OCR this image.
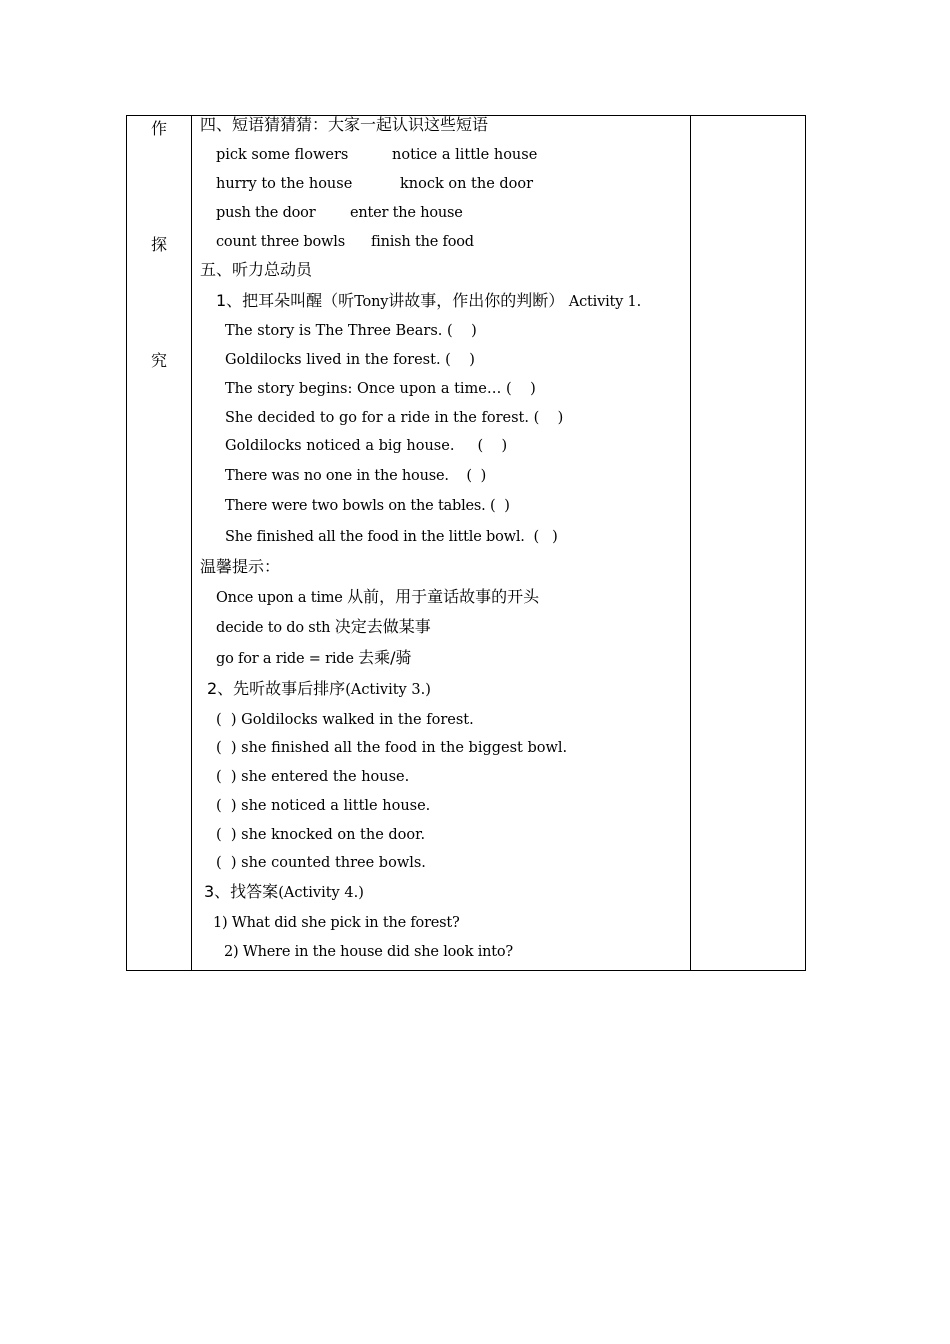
作
探
究
四、短语猜猜猜：大家一起认识这些短语
pick some flowers	notice a little house
hurry to the house	knock on the door
push the door enter the house
count three bowls finish the food
五、听力总动员
1、把耳朵叫醒（听Tony讲故事，作出你的判断） Activity 1.
The story is The Three Bears. (    )
Goldilocks lived in the forest. (    )
The story begins: Once upon a time… (    )
She decided to go for a ride in the forest. (    )
Goldilocks noticed a big house.     (    )
There was no one in the house.    (  )
There were two bowls on the tables. (  )
She finished all the food in the little bowl.  (   )
温馨提示：
Once upon a time 从前，用于童话故事的开头
decide to do sth 决定去做某事
go for a ride = ride 去乘/骑
2、先听故事后排序(Activity 3.)
(  ) Goldilocks walked in the forest.
(  ) she finished all the food in the biggest bowl.
(  ) she entered the house.
(  ) she noticed a little house.
(  ) she knocked on the door.
(  ) she counted three bowls.
3、找答案(Activity 4.)
1) What did she pick in the forest?
2) Where in the house did she look into?
